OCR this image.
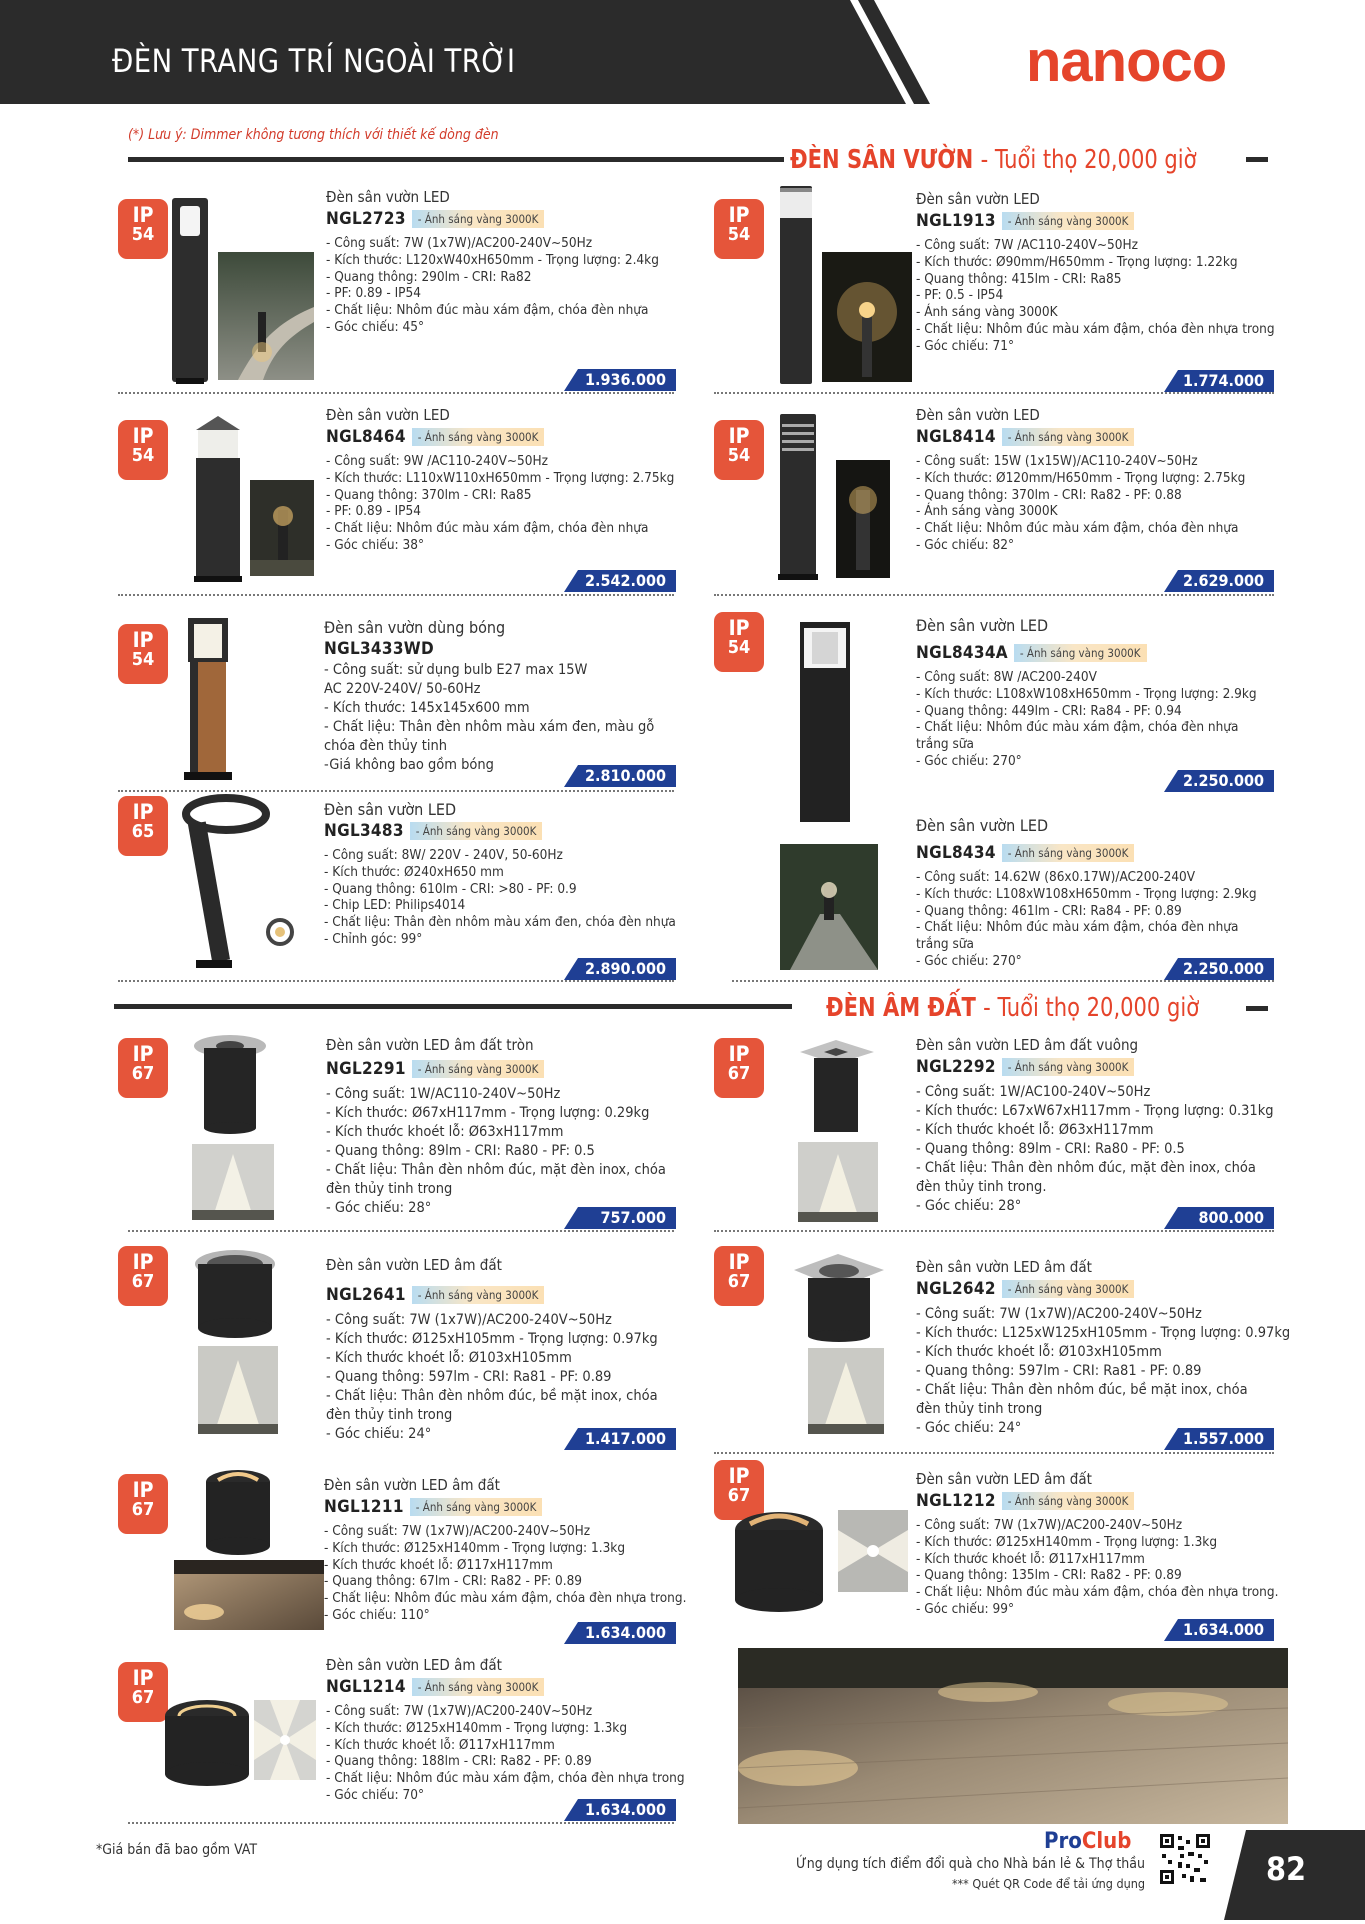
ĐÈN TRANG TRÍ NGOÀI TRỜI	nanoco
(*) Lưu ý: Dimmer không tương thích với thiết kế dòng đèn
ĐÈN SÂN VƯỜN - Tuổi thọ 20,000 giờ
IP
54
Đèn sân vườn LED
NGL2723	- Ánh sáng vàng 3000K
- Công suất: 7W (1x7W)/AC200-240V~50Hz
- Kích thước: L120xW40xH650mm - Trọng lượng: 2.4kg
- Quang thông: 290lm - CRI: Ra82
- PF: 0.89 - IP54
- Chất liệu: Nhôm đúc màu xám đậm, chóa đèn nhựa
- Góc chiếu: 45°
1.936.000
IP
54
Đèn sân vườn LED
NGL1913	- Ánh sáng vàng 3000K
- Công suất: 7W /AC110-240V~50Hz
- Kích thước: Ø90mm/H650mm - Trọng lượng: 1.22kg
- Quang thông: 415lm - CRI: Ra85
- PF: 0.5 - IP54
- Ánh sáng vàng 3000K
- Chất liệu: Nhôm đúc màu xám đậm, chóa đèn nhựa trong
- Góc chiếu: 71°
1.774.000
IP
54
Đèn sân vườn LED
NGL8464	- Ánh sáng vàng 3000K
- Công suất: 9W /AC110-240V~50Hz
- Kích thước: L110xW110xH650mm - Trọng lượng: 2.75kg
- Quang thông: 370lm - CRI: Ra85
- PF: 0.89 - IP54
- Chất liệu: Nhôm đúc màu xám đậm, chóa đèn nhựa
- Góc chiếu: 38°
2.542.000
IP
54
Đèn sân vườn LED
NGL8414	- Ánh sáng vàng 3000K
- Công suất: 15W (1x15W)/AC110-240V~50Hz
- Kích thước: Ø120mm/H650mm - Trọng lượng: 2.75kg
- Quang thông: 370lm - CRI: Ra82 - PF: 0.88
- Ánh sáng vàng 3000K
- Chất liệu: Nhôm đúc màu xám đậm, chóa đèn nhựa
- Góc chiếu: 82°
2.629.000
IP
54
Đèn sân vườn dùng bóng
NGL3433WD
- Công suất: sử dụng bulb E27 max 15W
AC 220V-240V/ 50-60Hz
- Kích thước: 145x145x600 mm
- Chất liệu: Thân đèn nhôm màu xám đen, màu gỗ
chóa đèn thủy tinh
-Giá không bao gồm bóng
2.810.000
IP
54
Đèn sân vườn LED
NGL8434A	- Ánh sáng vàng 3000K
- Công suất: 8W /AC200-240V
- Kích thước: L108xW108xH650mm - Trọng lượng: 2.9kg
- Quang thông: 449lm - CRI: Ra84 - PF: 0.94
- Chất liệu: Nhôm đúc màu xám đậm, chóa đèn nhựa
trắng sữa
- Góc chiếu: 270°
2.250.000
IP
65
Đèn sân vườn LED
NGL3483	- Ánh sáng vàng 3000K
- Công suất: 8W/ 220V - 240V, 50-60Hz
- Kích thước: Ø240xH650 mm
- Quang thông: 610lm - CRI: >80 - PF: 0.9
- Chip LED: Philips4014
- Chất liệu: Thân đèn nhôm màu xám đen, chóa đèn nhựa
- Chỉnh góc: 99°
2.890.000
Đèn sân vườn LED
NGL8434	- Ánh sáng vàng 3000K
- Công suất: 14.62W (86x0.17W)/AC200-240V
- Kích thước: L108xW108xH650mm - Trọng lượng: 2.9kg
- Quang thông: 461lm - CRI: Ra84 - PF: 0.89
- Chất liệu: Nhôm đúc màu xám đậm, chóa đèn nhựa
trắng sữa
- Góc chiếu: 270°	2.250.000
ĐÈN ÂM ĐẤT - Tuổi thọ 20,000 giờ
IP
67
Đèn sân vườn LED âm đất tròn
NGL2291	- Ánh sáng vàng 3000K
- Công suất: 1W/AC110-240V~50Hz
- Kích thước: Ø67xH117mm - Trọng lượng: 0.29kg
- Kích thước khoét lỗ: Ø63xH117mm
- Quang thông: 89lm - CRI: Ra80 - PF: 0.5
- Chất liệu: Thân đèn nhôm đúc, mặt đèn inox, chóa
đèn thủy tinh trong
- Góc chiếu: 28°	757.000
IP
67
Đèn sân vườn LED âm đất vuông
NGL2292	- Ánh sáng vàng 3000K
- Công suất: 1W/AC100-240V~50Hz
- Kích thước: L67xW67xH117mm - Trọng lượng: 0.31kg
- Kích thước khoét lỗ: Ø63xH117mm
- Quang thông: 89lm - CRI: Ra80 - PF: 0.5
- Chất liệu: Thân đèn nhôm đúc, mặt đèn inox, chóa
đèn thủy tinh trong.
- Góc chiếu: 28°
800.000
IP
67
Đèn sân vườn LED âm đất
NGL2641	- Ánh sáng vàng 3000K
- Công suất: 7W (1x7W)/AC200-240V~50Hz
- Kích thước: Ø125xH105mm - Trọng lượng: 0.97kg
- Kích thước khoét lỗ: Ø103xH105mm
- Quang thông: 597lm - CRI: Ra81 - PF: 0.89
- Chất liệu: Thân đèn nhôm đúc, bề mặt inox, chóa
đèn thủy tinh trong
- Góc chiếu: 24°	1.417.000
IP
67
Đèn sân vườn LED âm đất
NGL2642	- Ánh sáng vàng 3000K
- Công suất: 7W (1x7W)/AC200-240V~50Hz
- Kích thước: L125xW125xH105mm - Trọng lượng: 0.97kg
- Kích thước khoét lỗ: Ø103xH105mm
- Quang thông: 597lm - CRI: Ra81 - PF: 0.89
- Chất liệu: Thân đèn nhôm đúc, bề mặt inox, chóa
đèn thủy tinh trong
- Góc chiếu: 24°
1.557.000
IP
67
Đèn sân vườn LED âm đất
NGL1211	- Ánh sáng vàng 3000K
- Công suất: 7W (1x7W)/AC200-240V~50Hz
- Kích thước: Ø125xH140mm - Trọng lượng: 1.3kg
- Kích thước khoét lỗ: Ø117xH117mm
- Quang thông: 67lm - CRI: Ra82 - PF: 0.89
- Chất liệu: Nhôm đúc màu xám đậm, chóa đèn nhựa trong.
- Góc chiếu: 110°
1.634.000
IP
67
Đèn sân vườn LED âm đất
NGL1212	- Ánh sáng vàng 3000K
- Công suất: 7W (1x7W)/AC200-240V~50Hz
- Kích thước: Ø125xH140mm - Trọng lượng: 1.3kg
- Kích thước khoét lỗ: Ø117xH117mm
- Quang thông: 135lm - CRI: Ra82 - PF: 0.89
- Chất liệu: Nhôm đúc màu xám đậm, chóa đèn nhựa trong.
- Góc chiếu: 99°
1.634.000
IP
67
Đèn sân vườn LED âm đất
NGL1214	- Ánh sáng vàng 3000K
- Công suất: 7W (1x7W)/AC200-240V~50Hz
- Kích thước: Ø125xH140mm - Trọng lượng: 1.3kg
- Kích thước khoét lỗ: Ø117xH117mm
- Quang thông: 188lm - CRI: Ra82 - PF: 0.89
- Chất liệu: Nhôm đúc màu xám đậm, chóa đèn nhựa trong
- Góc chiếu: 70°
1.634.000
*Giá bán đã bao gồm VAT	ProClub
Ứng dụng tích điểm đổi quà cho Nhà bán lẻ & Thợ thầu
*** Quét QR Code để tải ứng dụng	82
